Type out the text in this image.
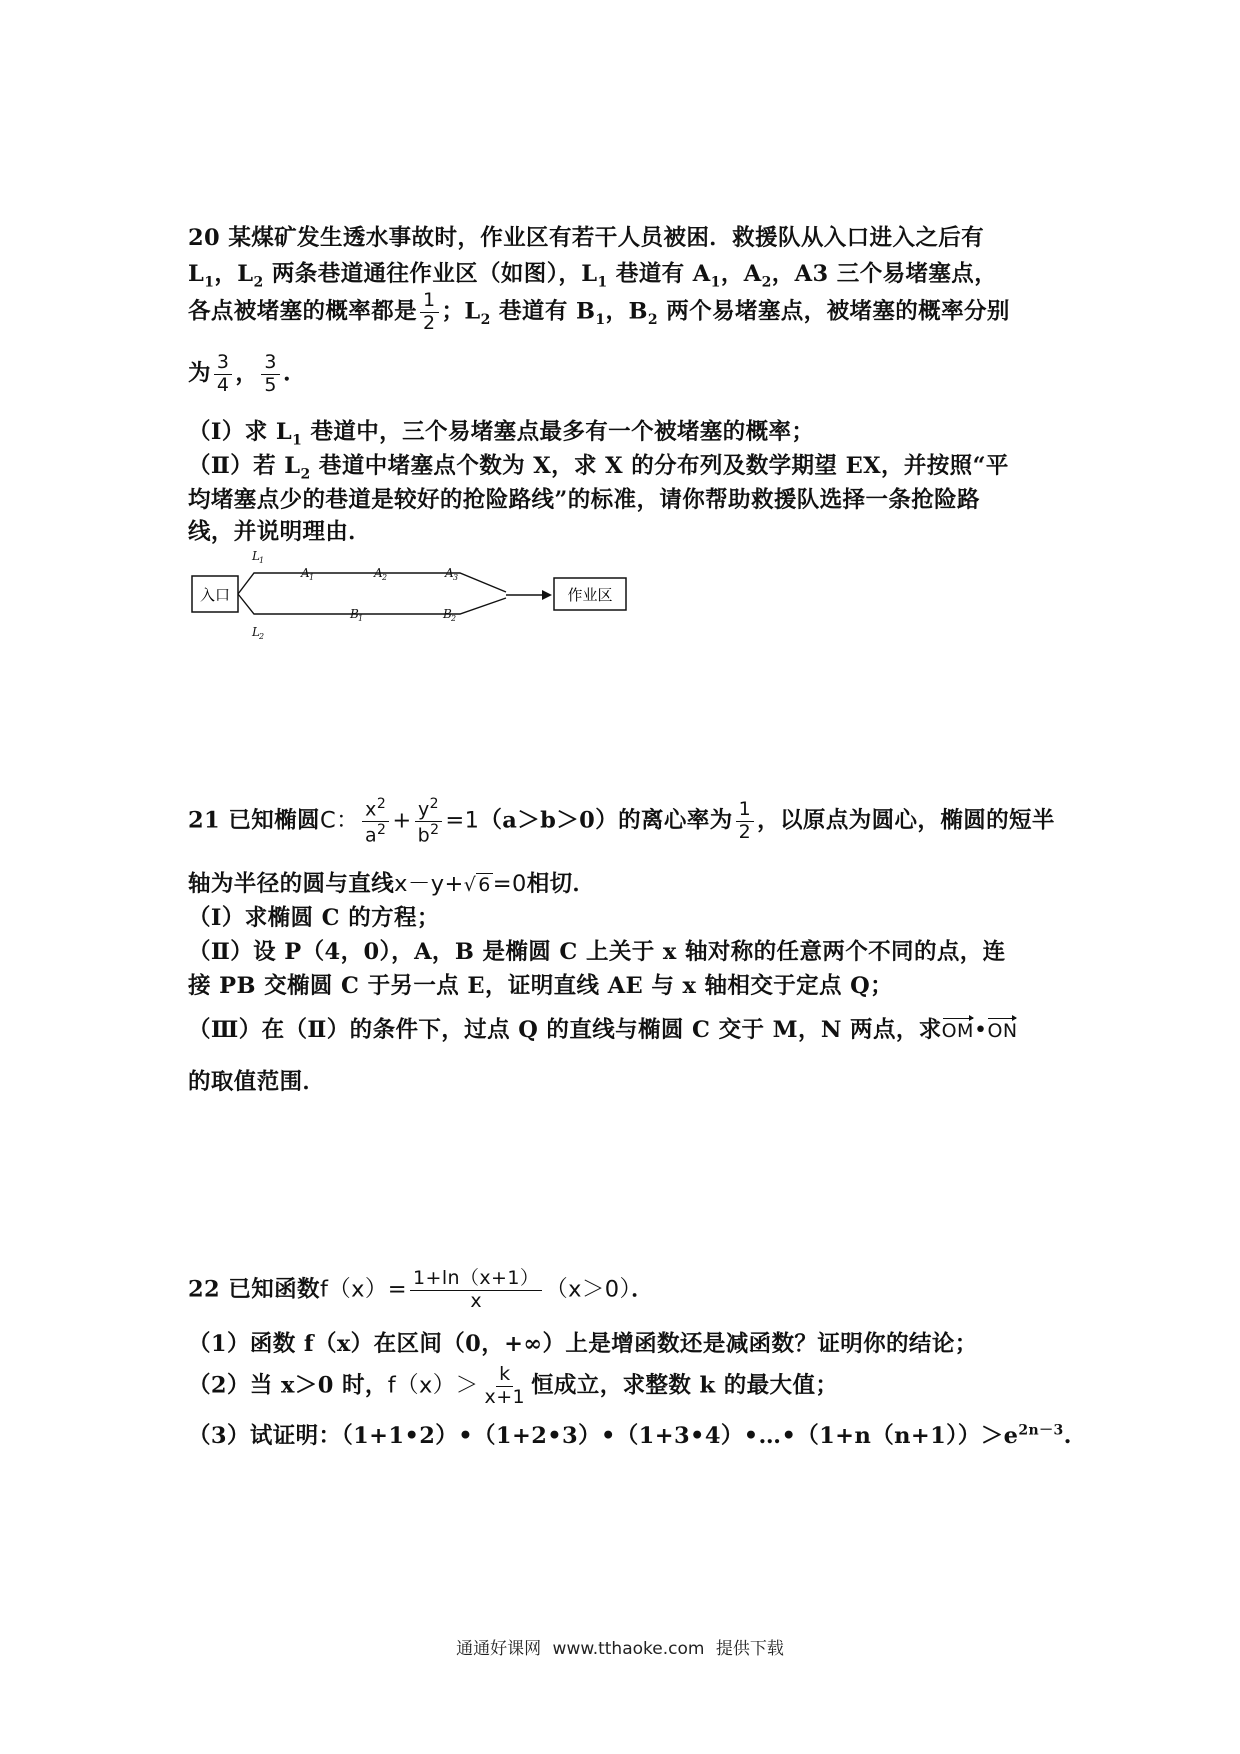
20 某煤矿发生透水事故时，作业区有若干人员被困．救援队从入口进入之后有
$L_1$，$L_2$ 两条巷道通往作业区（如图），$L_1$ 巷道有 $A_1$，$A_2$，A3 三个易堵塞点，
各点被堵塞的概率都是 $\frac{1}{2}$ ；$L_2$ 巷道有 $B_1$，$B_2$ 两个易堵塞点，被堵塞的概率分别
为 $\frac{3}{4}$ ， $\frac{3}{5}$ .
（Ⅰ）求 $L_1$ 巷道中，三个易堵塞点最多有一个被堵塞的概率；
（Ⅱ）若 $L_2$ 巷道中堵塞点个数为 X，求 X 的分布列及数学期望 EX，并按照“平
均堵塞点少的巷道是较好的抢险路线”的标准，请你帮助救援队选择一条抢险路
线，并说明理由．
入口	作业区
L 1
L 2
A 1	A 2	A 3
B 1	B 2
21 已知椭圆C： $\frac{x^2}{a^2} + \frac{y^2}{b^2} =1(a>b>0)$的离心率为 $\frac{1}{2}$ ，以原点为圆心，椭圆的短半
轴为半径的圆与直线x－y+√ 6=0相切．
（Ⅰ）求椭圆 C 的方程；
（Ⅱ）设 P（4，0），A，B 是椭圆 C 上关于 x 轴对称的任意两个不同的点，连
接 PB 交椭圆 C 于另一点 E，证明直线 AE 与 x 轴相交于定点 Q；
（Ⅲ）在（Ⅱ）的条件下，过点 Q 的直线与椭圆 C 交于 M，N 两点，求OM•ON
的取值范围．
22 已知函数$f(x)= \frac{1+\ln(x+1)}{x} (x>0)$．
（1）函数 f（x）在区间（0，+∞）上是增函数还是减函数？证明你的结论；
（2）当 x＞0 时，$f(x)> \frac{k}{x+1}$ 恒成立，求整数 k 的最大值；
（3）试证明：$(1+1•2)•(1+2•3)•(1+3•4)•\dots•(1+n(n+1))>e^{2n-3}$.
通通好课网 www.tthaoke.com 提供下载
